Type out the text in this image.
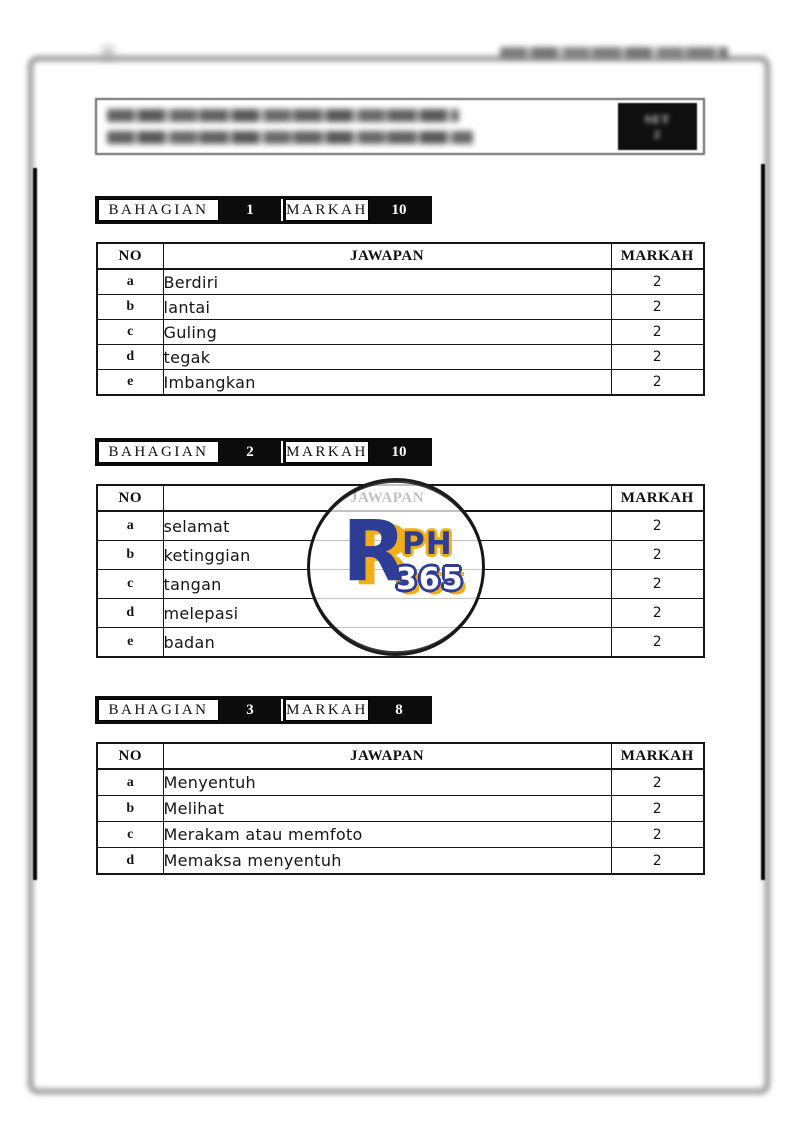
SET
2
BAHAGIAN	1	MARKAH	10
NO	JAWAPAN	MARKAH
a	Berdiri	2
b	lantai	2
c	Guling	2
d	tegak	2
e	Imbangkan	2
BAHAGIAN	2	MARKAH	10
NO		MARKAH
a	selamat	2
b	ketinggian	2
c	tangan	2
d	melepasi	2
e	badan	2
BAHAGIAN	3	MARKAH	8
NO	JAWAPAN	MARKAH
a	Menyentuh	2
b	Melihat	2
c	Merakam atau memfoto	2
d	Memaksa menyentuh	2
R
PH
365
